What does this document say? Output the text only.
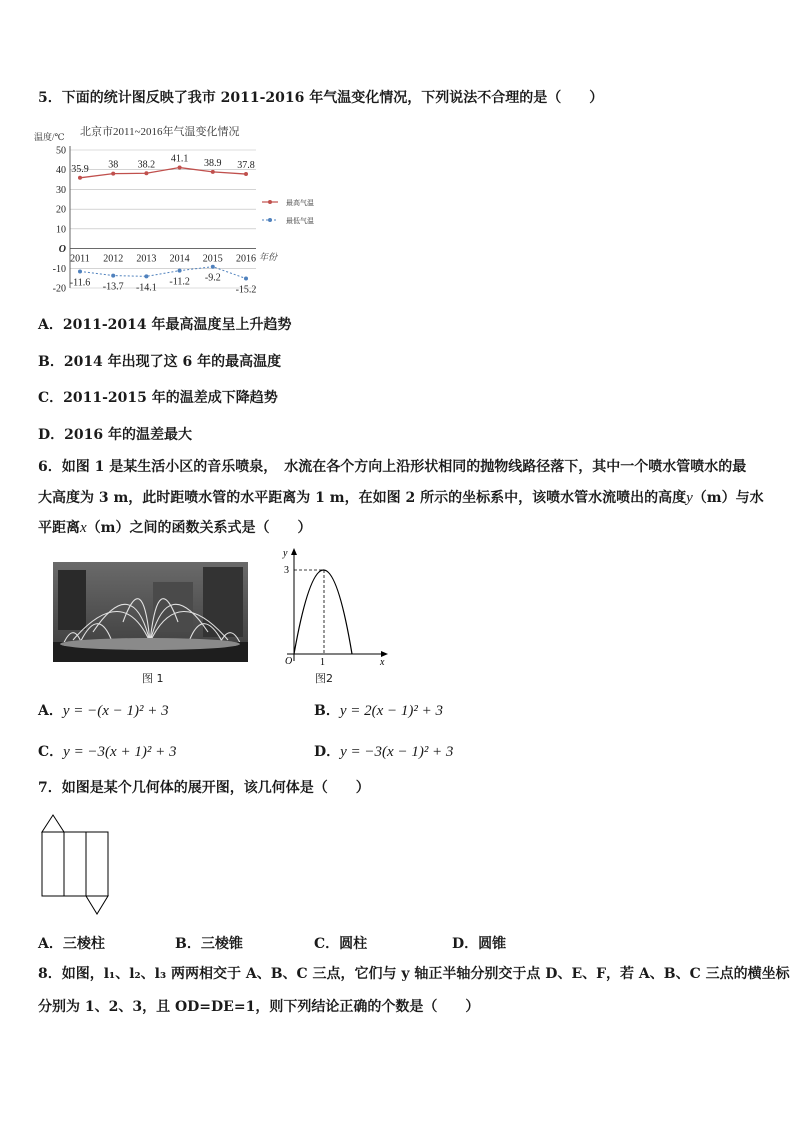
5．下面的统计图反映了我市 2011-2016 年气温变化情况，下列说法不合理的是（　　）
温度/℃ 北京市2011~2016年气温变化情况
50
40
30
20
10
O
-10
-20
2011 2012 2013 2014 2015 2016 年份
35.9 38 38.2
41.1 38.9 37.8
-11.6 -13.7 -14.1
-11.2 -9.2
-15.2
最高气温
最低气温
A．2011-2014 年最高温度呈上升趋势
B．2014 年出现了这 6 年的最高温度
C．2011-2015 年的温差成下降趋势
D．2016 年的温差最大
6．如图 1 是某生活小区的音乐喷泉，　水流在各个方向上沿形状相同的抛物线路径落下，其中一个喷水管喷水的最
大高度为 3 m，此时距喷水管的水平距离为 1 m，在如图 2 所示的坐标系中，该喷水管水流喷出的高度y（m）与水
平距离x（m）之间的函数关系式是（　　）
图 1
y
x
O
3
1
图2
A．y = −(x − 1)² + 3	B．y = 2(x − 1)² + 3
C．y = −3(x + 1)² + 3	D．y = −3(x − 1)² + 3
7．如图是某个几何体的展开图，该几何体是（　　）
A．三棱柱	B．三棱锥	C．圆柱	D．圆锥
8．如图，l₁、l₂、l₃ 两两相交于 A、B、C 三点，它们与 y 轴正半轴分别交于点 D、E、F，若 A、B、C 三点的横坐标
分别为 1、2、3，且 OD=DE=1，则下列结论正确的个数是（　　）
